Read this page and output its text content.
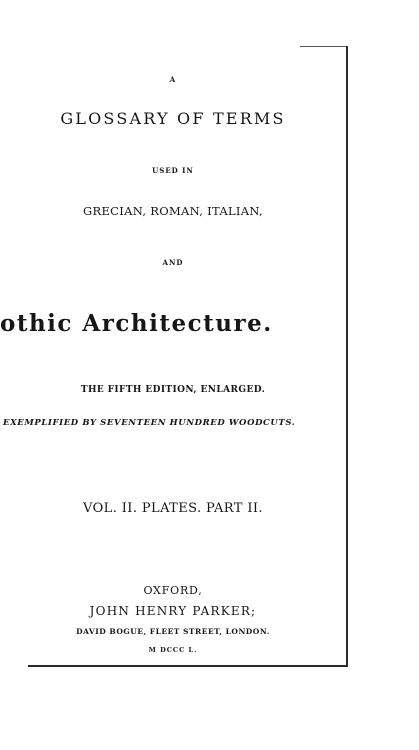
A
GLOSSARY OF TERMS
USED IN
GRECIAN, ROMAN, ITALIAN,
AND
othic Architecture.
THE FIFTH EDITION, ENLARGED.
EXEMPLIFIED BY SEVENTEEN HUNDRED WOODCUTS.
VOL. II. PLATES. PART II.
OXFORD,
JOHN HENRY PARKER;
DAVID BOGUE, FLEET STREET, LONDON.
M DCCC L.
